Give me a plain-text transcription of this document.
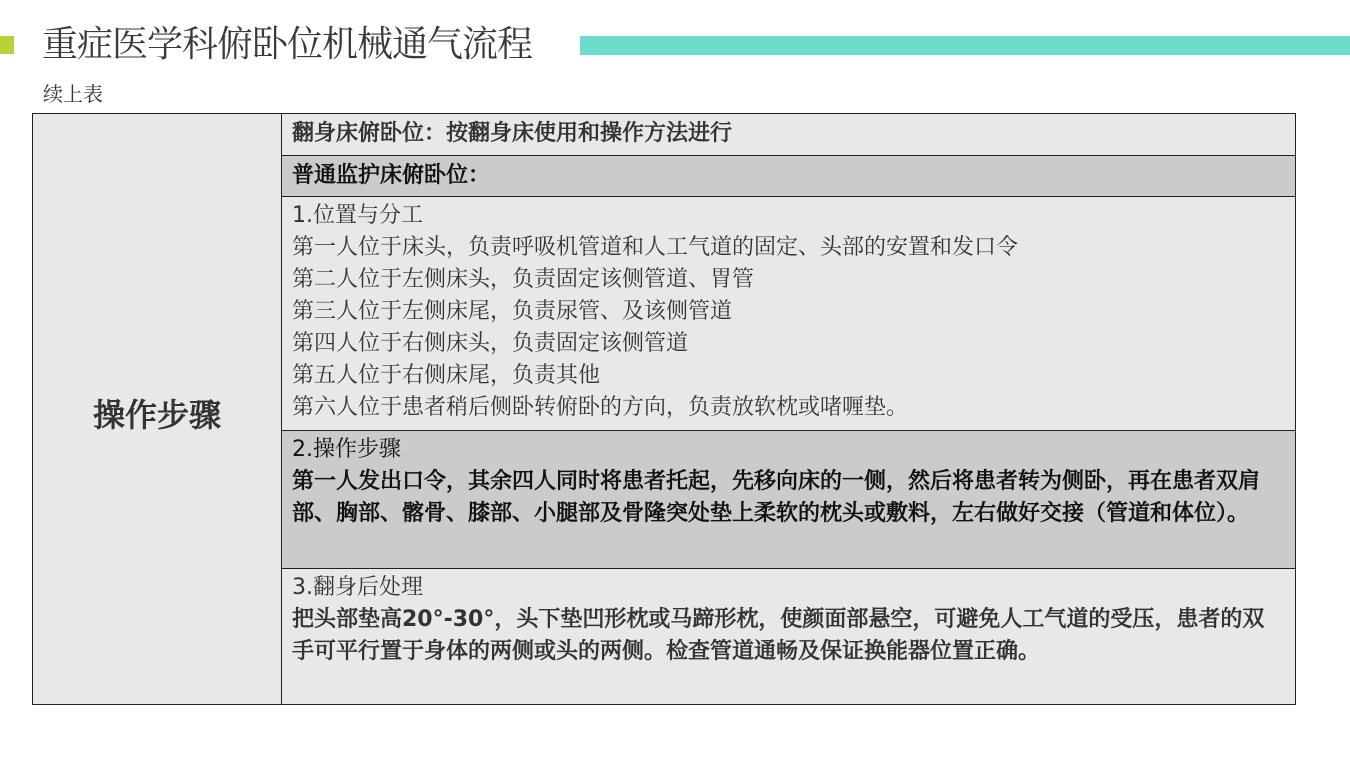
重症医学科俯卧位机械通气流程
续上表
操作步骤
翻身床俯卧位：按翻身床使用和操作方法进行
普通监护床俯卧位：
1.位置与分工
第一人位于床头，负责呼吸机管道和人工气道的固定、头部的安置和发口令
第二人位于左侧床头，负责固定该侧管道、胃管
第三人位于左侧床尾，负责尿管、及该侧管道
第四人位于右侧床头，负责固定该侧管道
第五人位于右侧床尾，负责其他
第六人位于患者稍后侧卧转俯卧的方向，负责放软枕或啫喱垫。
2.操作步骤
第一人发出口令，其余四人同时将患者托起，先移向床的一侧，然后将患者转为侧卧，再在患者双肩部、胸部、髂骨、膝部、小腿部及骨隆突处垫上柔软的枕头或敷料，左右做好交接（管道和体位）。
3.翻身后处理
把头部垫高20°-30°，头下垫凹形枕或马蹄形枕，使颜面部悬空，可避免人工气道的受压，患者的双手可平行置于身体的两侧或头的两侧。检查管道通畅及保证换能器位置正确。
